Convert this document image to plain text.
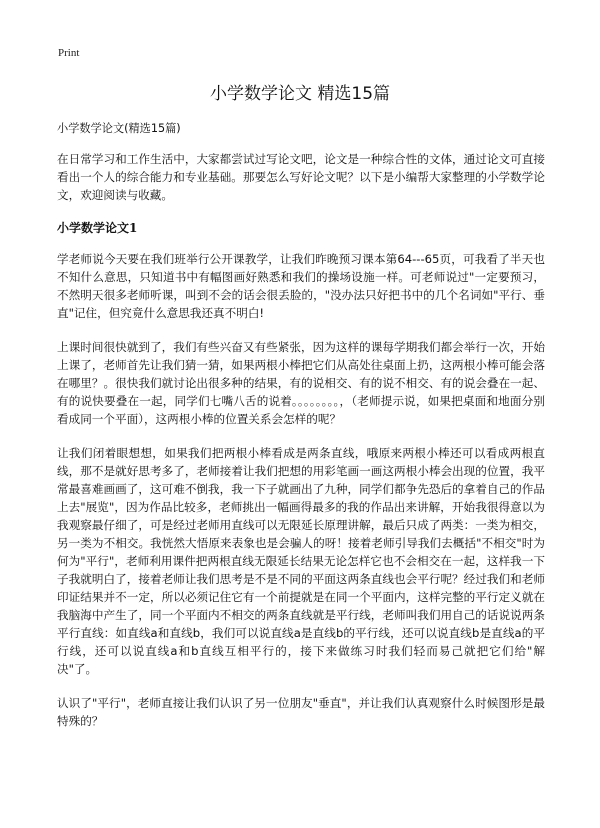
Print
小学数学论文 精选15篇

小学数学论文(精选15篇)

在日常学习和工作生活中，大家都尝试过写论文吧，论文是一种综合性的文体，通过论文可直接看出一个人的综合能力和专业基础。那要怎么写好论文呢？以下是小编帮大家整理的小学数学论文，欢迎阅读与收藏。

小学数学论文1

学老师说今天要在我们班举行公开课教学，让我们昨晚预习课本第64---65页，可我看了半天也不知什么意思，只知道书中有幅图画好熟悉和我们的操场设施一样。可老师说过"一定要预习，不然明天很多老师听课，叫到不会的话会很丢脸的，"没办法只好把书中的几个名词如"平行、垂直"记住，但究竟什么意思我还真不明白!

上课时间很快就到了，我们有些兴奋又有些紧张，因为这样的课每学期我们都会举行一次，开始上课了，老师首先让我们猜一猜，如果两根小棒把它们从高处往桌面上扔，这两根小棒可能会落在哪里？。很快我们就讨论出很多种的结果，有的说相交、有的说不相交、有的说会叠在一起、有的说快要叠在一起，同学们七嘴八舌的说着。。。。。。。。，（老师提示说，如果把桌面和地面分别看成同一个平面），这两根小棒的位置关系会怎样的呢？

让我们闭着眼想想，如果我们把两根小棒看成是两条直线，哦原来两根小棒还可以看成两根直线，那不是就好思考多了，老师接着让我们把想的用彩笔画一画这两根小棒会出现的位置，我平常最喜难画画了，这可难不倒我，我一下子就画出了九种，同学们都争先恐后的拿着自己的作品上去"展览"，因为作品比较多，老师挑出一幅画得最多的我的作品出来讲解，开始我很得意以为我观察最仔细了，可是经过老师用直线可以无限延长原理讲解，最后只成了两类：一类为相交，另一类为不相交。我恍然大悟原来表象也是会骗人的呀！接着老师引导我们去概括"不相交"时为何为"平行"，老师利用课件把两根直线无限延长结果无论怎样它也不会相交在一起，这样我一下子我就明白了，接着老师让我们思考是不是不同的平面这两条直线也会平行呢？经过我们和老师印证结果并不一定，所以必须记住它有一个前提就是在同一个平面内，这样完整的平行定义就在我脑海中产生了，同一个平面内不相交的两条直线就是平行线，老师叫我们用自己的话说说两条平行直线：如直线a和直线b，我们可以说直线a是直线b的平行线，还可以说直线b是直线a的平行线，还可以说直线a和b直线互相平行的，接下来做练习时我们轻而易己就把它们给"解决"了。

认识了"平行"，老师直接让我们认识了另一位朋友"垂直"，并让我们认真观察什么时候图形是最特殊的？
